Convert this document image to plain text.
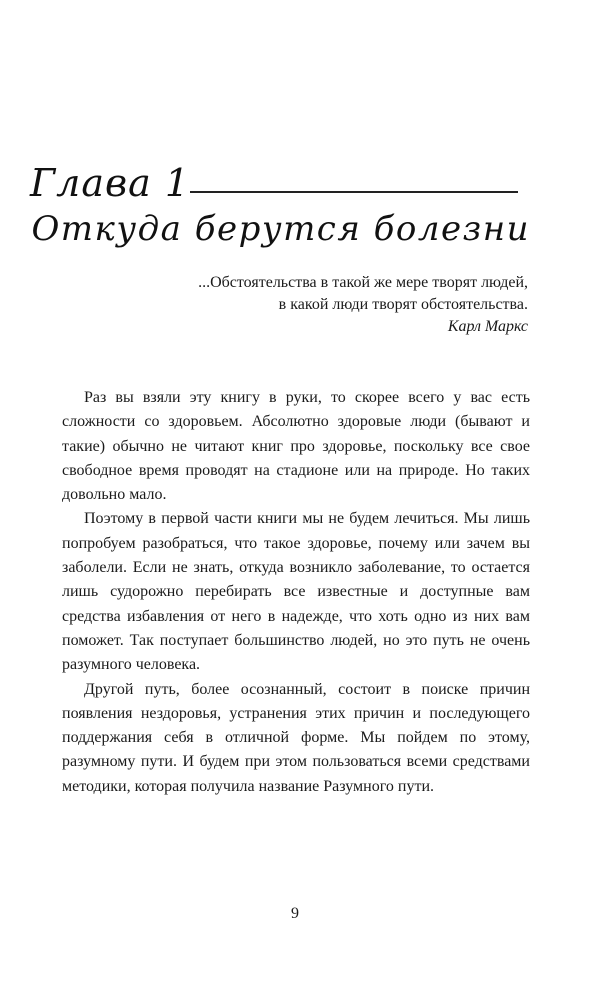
Глава 1
Откуда берутся болезни
...Обстоятельства в такой же мере творят людей,
в какой люди творят обстоятельства.
Карл Маркс

Раз вы взяли эту книгу в руки, то скорее всего у вас есть сложности со здоровьем. Абсолютно здоровые люди (бывают и такие) обычно не читают книг про здоровье, поскольку все свое свободное время проводят на стадионе или на природе. Но таких довольно мало.

Поэтому в первой части книги мы не будем лечиться. Мы лишь попробуем разобраться, что такое здоровье, почему или зачем вы заболели. Если не знать, откуда возникло заболевание, то остается лишь судорожно перебирать все известные и доступные вам средства избавления от него в надежде, что хоть одно из них вам поможет. Так поступает большинство людей, но это путь не очень разумного человека.

Другой путь, более осознанный, состоит в поиске причин появления нездоровья, устранения этих причин и последующего поддержания себя в отличной форме. Мы пойдем по этому, разумному пути. И будем при этом пользоваться всеми средствами методики, которая получила название Разумного пути.

9
